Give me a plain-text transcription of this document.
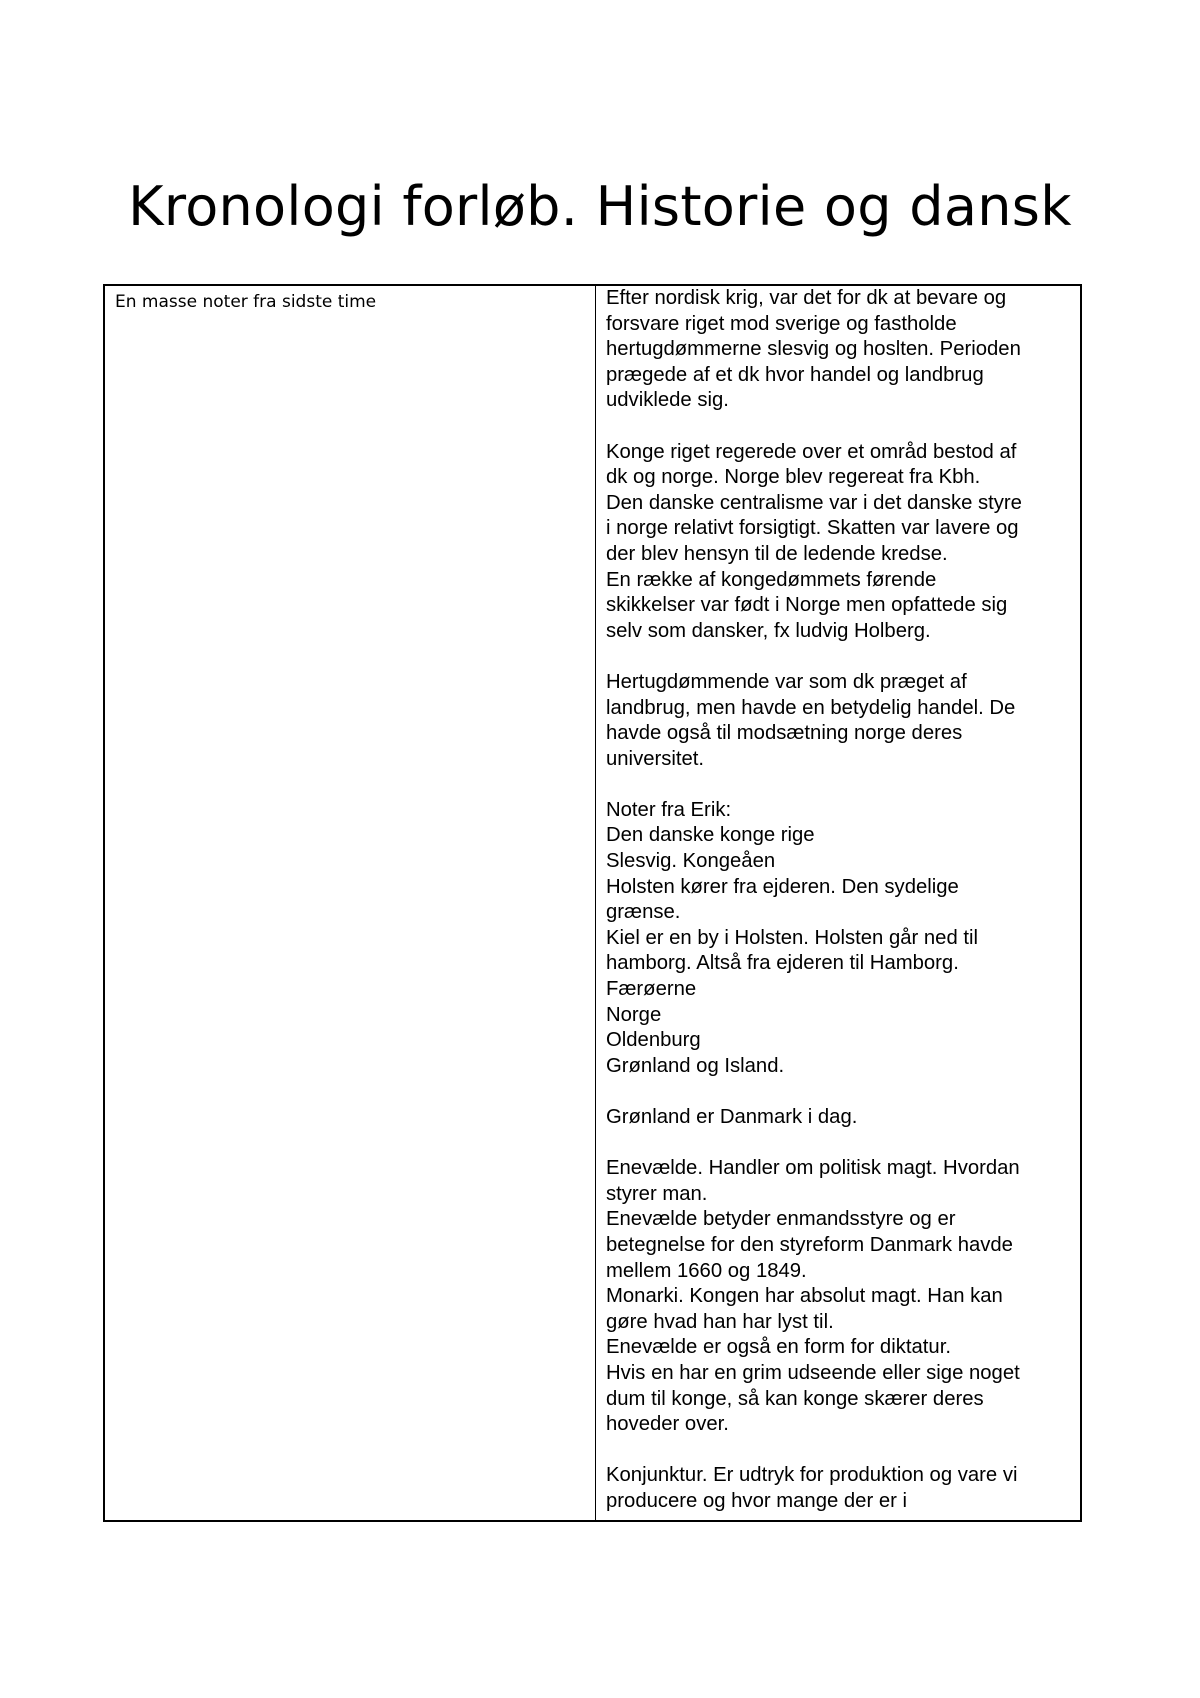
Kronologi forløb. Historie og dansk
En masse noter fra sidste time	Efter nordisk krig, var det for dk at bevare og
forsvare riget mod sverige og fastholde
hertugdømmerne slesvig og hoslten. Perioden
prægede af et dk hvor handel og landbrug
udviklede sig.
Konge riget regerede over et områd bestod af
dk og norge. Norge blev regereat fra Kbh.
Den danske centralisme var i det danske styre
i norge relativt forsigtigt. Skatten var lavere og
der blev hensyn til de ledende kredse.
En række af kongedømmets førende
skikkelser var født i Norge men opfattede sig
selv som dansker, fx ludvig Holberg.
Hertugdømmende var som dk præget af
landbrug, men havde en betydelig handel. De
havde også til modsætning norge deres
universitet.
Noter fra Erik:
Den danske konge rige
Slesvig. Kongeåen
Holsten kører fra ejderen. Den sydelige
grænse.
Kiel er en by i Holsten. Holsten går ned til
hamborg. Altså fra ejderen til Hamborg.
Færøerne
Norge
Oldenburg
Grønland og Island.
Grønland er Danmark i dag.
Enevælde. Handler om politisk magt. Hvordan
styrer man.
Enevælde betyder enmandsstyre og er
betegnelse for den styreform Danmark havde
mellem 1660 og 1849.
Monarki. Kongen har absolut magt. Han kan
gøre hvad han har lyst til.
Enevælde er også en form for diktatur.
Hvis en har en grim udseende eller sige noget
dum til konge, så kan konge skærer deres
hoveder over.
Konjunktur. Er udtryk for produktion og vare vi
producere og hvor mange der er i
